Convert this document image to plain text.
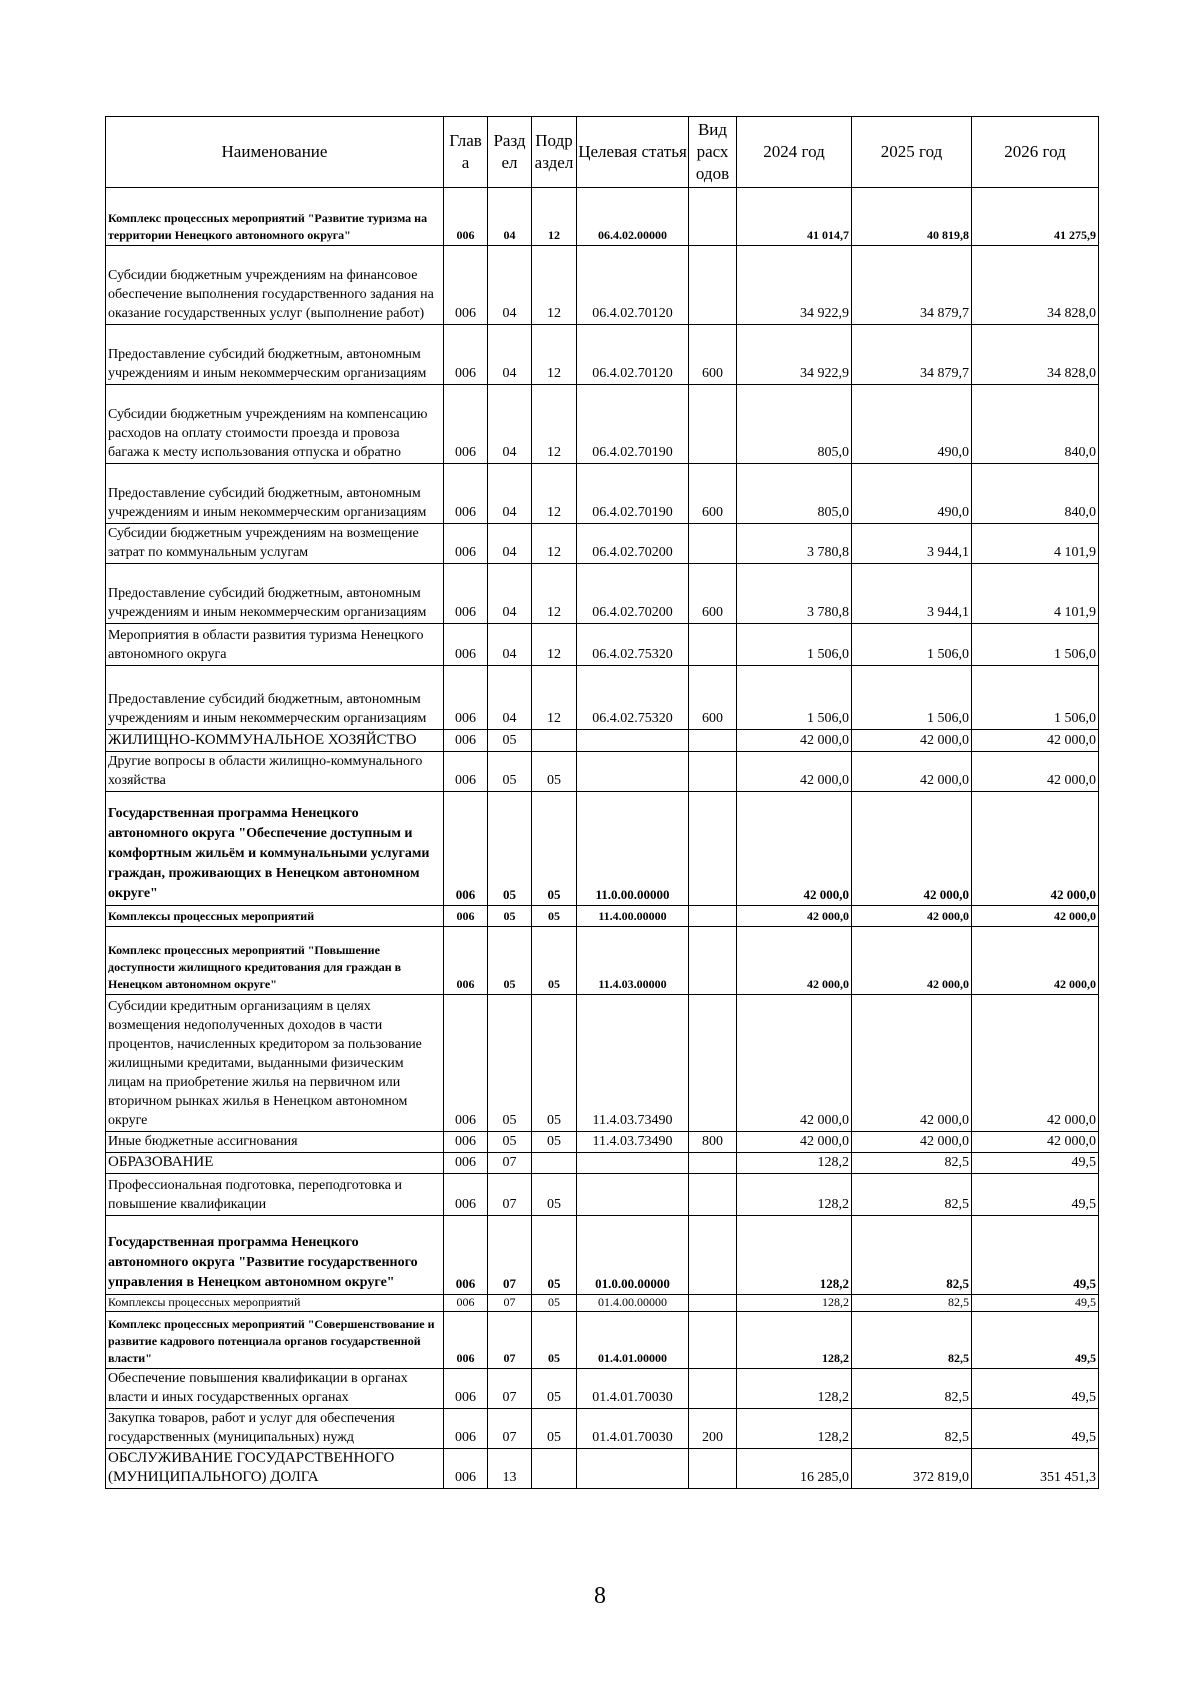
Наименование	Глав а	Разд ел	Подр аздел	Целевая статья	Вид расх одов	2024 год	2025 год	2026 год
Комплекс процессных мероприятий "Развитие туризма на территории Ненецкого автономного округа"	006	04	12	06.4.02.00000		41 014,7	40 819,8	41 275,9
Субсидии бюджетным учреждениям на финансовое обеспечение выполнения государственного задания на оказание государственных услуг (выполнение работ)	006	04	12	06.4.02.70120		34 922,9	34 879,7	34 828,0
Предоставление субсидий бюджетным, автономным учреждениям и иным некоммерческим организациям	006	04	12	06.4.02.70120	600	34 922,9	34 879,7	34 828,0
Субсидии бюджетным учреждениям на компенсацию расходов на оплату стоимости проезда и провоза багажа к месту использования отпуска и обратно	006	04	12	06.4.02.70190		805,0	490,0	840,0
Предоставление субсидий бюджетным, автономным учреждениям и иным некоммерческим организациям	006	04	12	06.4.02.70190	600	805,0	490,0	840,0
Субсидии бюджетным учреждениям на возмещение затрат по коммунальным услугам	006	04	12	06.4.02.70200		3 780,8	3 944,1	4 101,9
Предоставление субсидий бюджетным, автономным учреждениям и иным некоммерческим организациям	006	04	12	06.4.02.70200	600	3 780,8	3 944,1	4 101,9
Мероприятия в области развития туризма Ненецкого автономного округа	006	04	12	06.4.02.75320		1 506,0	1 506,0	1 506,0
Предоставление субсидий бюджетным, автономным учреждениям и иным некоммерческим организациям	006	04	12	06.4.02.75320	600	1 506,0	1 506,0	1 506,0
ЖИЛИЩНО-КОММУНАЛЬНОЕ ХОЗЯЙСТВО	006	05				42 000,0	42 000,0	42 000,0
Другие вопросы в области жилищно-коммунального хозяйства	006	05	05			42 000,0	42 000,0	42 000,0
Государственная программа Ненецкого автономного округа "Обеспечение доступным и комфортным жильём и коммунальными услугами граждан, проживающих в Ненецком автономном округе"	006	05	05	11.0.00.00000		42 000,0	42 000,0	42 000,0
Комплексы процессных мероприятий	006	05	05	11.4.00.00000		42 000,0	42 000,0	42 000,0
Комплекс процессных мероприятий "Повышение доступности жилищного кредитования для граждан в Ненецком автономном округе"	006	05	05	11.4.03.00000		42 000,0	42 000,0	42 000,0
Субсидии кредитным организациям в целях возмещения недополученных доходов в части процентов, начисленных кредитором за пользование жилищными кредитами, выданными физическим лицам на приобретение жилья на первичном или вторичном рынках жилья в Ненецком автономном округе	006	05	05	11.4.03.73490		42 000,0	42 000,0	42 000,0
Иные бюджетные ассигнования	006	05	05	11.4.03.73490	800	42 000,0	42 000,0	42 000,0
ОБРАЗОВАНИЕ	006	07				128,2	82,5	49,5
Профессиональная подготовка, переподготовка и повышение квалификации	006	07	05			128,2	82,5	49,5
Государственная программа Ненецкого автономного округа "Развитие государственного управления в Ненецком автономном округе"	006	07	05	01.0.00.00000		128,2	82,5	49,5
Комплексы процессных мероприятий	006	07	05	01.4.00.00000		128,2	82,5	49,5
Комплекс процессных мероприятий "Совершенствование и развитие кадрового потенциала органов государственной власти"	006	07	05	01.4.01.00000		128,2	82,5	49,5
Обеспечение повышения квалификации в органах власти и иных государственных органах	006	07	05	01.4.01.70030		128,2	82,5	49,5
Закупка товаров, работ и услуг для обеспечения государственных (муниципальных) нужд	006	07	05	01.4.01.70030	200	128,2	82,5	49,5
ОБСЛУЖИВАНИЕ ГОСУДАРСТВЕННОГО (МУНИЦИПАЛЬНОГО) ДОЛГА	006	13				16 285,0	372 819,0	351 451,3
8
